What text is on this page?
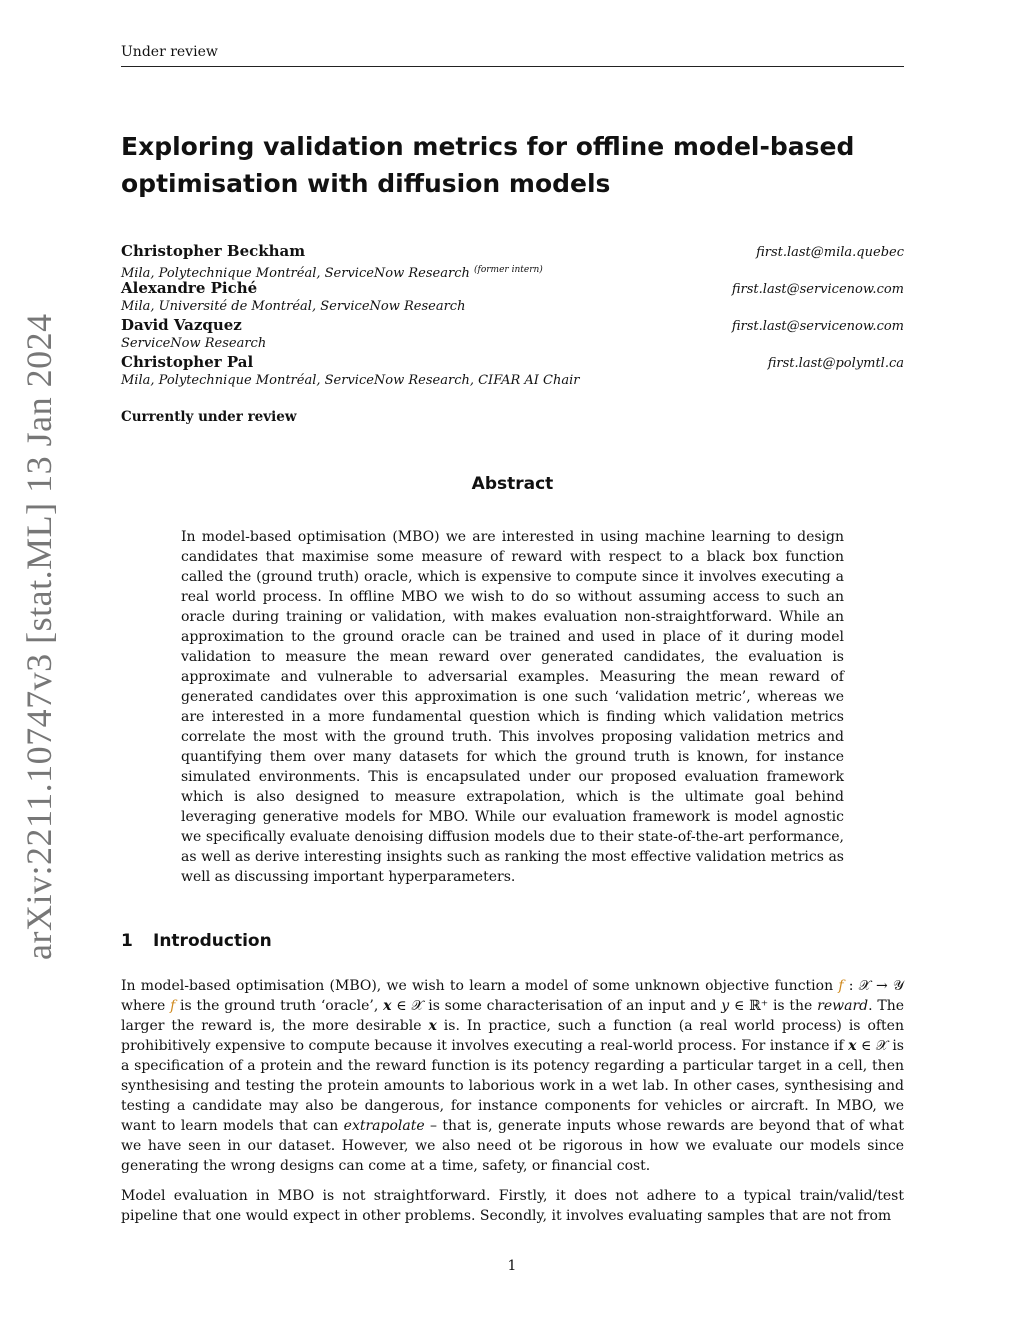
Under review
arXiv:2211.10747v3 [stat.ML] 13 Jan 2024
Exploring validation metrics for offline model-based optimisation with diffusion models
Christopher Beckham	first.last@mila.quebec
Mila, Polytechnique Montréal, ServiceNow Research $^{(former intern)}$
Alexandre Piché	first.last@servicenow.com
Mila, Université de Montréal, ServiceNow Research
David Vazquez	first.last@servicenow.com
ServiceNow Research
Christopher Pal	first.last@polymtl.ca
Mila, Polytechnique Montréal, ServiceNow Research, CIFAR AI Chair
Currently under review
Abstract

In model-based optimisation (MBO) we are interested in using machine learning to design candidates that maximise some measure of reward with respect to a black box function called the (ground truth) oracle, which is expensive to compute since it involves executing a real world process. In offline MBO we wish to do so without assuming access to such an oracle during training or validation, with makes evaluation non-straightforward. While an approximation to the ground oracle can be trained and used in place of it during model validation to measure the mean reward over generated candidates, the evaluation is approximate and vulnerable to adversarial examples. Measuring the mean reward of generated candidates over this approximation is one such ‘validation metric’, whereas we are interested in a more fundamental question which is finding which validation metrics correlate the most with the ground truth. This involves proposing validation metrics and quantifying them over many datasets for which the ground truth is known, for instance simulated environments. This is encapsulated under our proposed evaluation framework which is also designed to measure extrapolation, which is the ultimate goal behind leveraging generative models for MBO. While our evaluation framework is model agnostic we specifically evaluate denoising diffusion models due to their state-of-the-art performance, as well as derive interesting insights such as ranking the most effective validation metrics as well as discussing important hyperparameters.

1 Introduction

In model-based optimisation (MBO), we wish to learn a model of some unknown objective function f : 𝒳 → 𝒴 where f is the ground truth ‘oracle’, x ∈ 𝒳 is some characterisation of an input and y ∈ ℝ⁺ is the reward. The larger the reward is, the more desirable x is. In practice, such a function (a real world process) is often prohibitively expensive to compute because it involves executing a real-world process. For instance if x ∈ 𝒳 is a specification of a protein and the reward function is its potency regarding a particular target in a cell, then synthesising and testing the protein amounts to laborious work in a wet lab. In other cases, synthesising and testing a candidate may also be dangerous, for instance components for vehicles or aircraft. In MBO, we want to learn models that can extrapolate – that is, generate inputs whose rewards are beyond that of what we have seen in our dataset. However, we also need ot be rigorous in how we evaluate our models since generating the wrong designs can come at a time, safety, or financial cost.

Model evaluation in MBO is not straightforward. Firstly, it does not adhere to a typical train/valid/test pipeline that one would expect in other problems. Secondly, it involves evaluating samples that are not from

1
